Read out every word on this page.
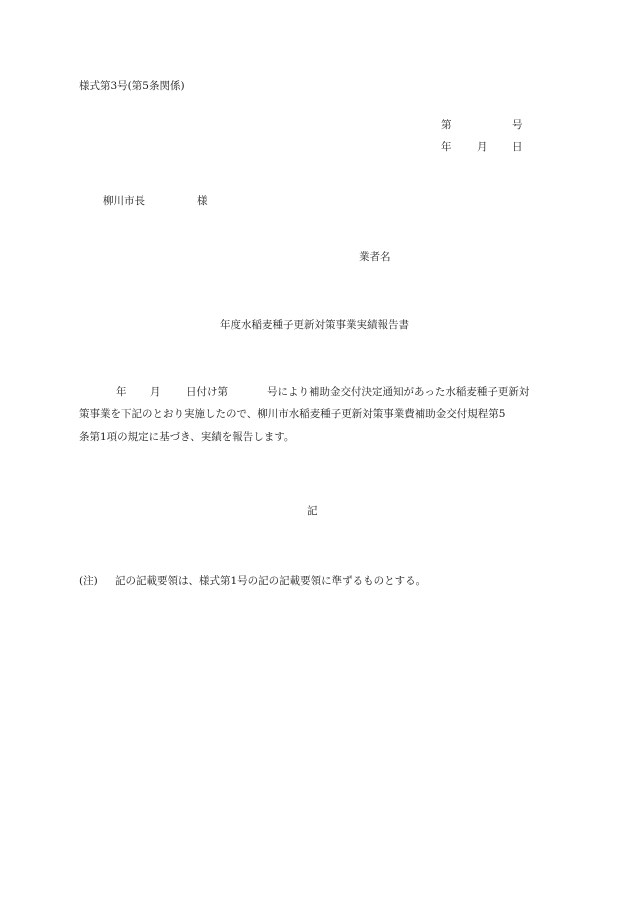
様式第3号(第5条関係)
第	号
年 月 日
柳川市長	様
業者名
年度水稲麦種子更新対策事業実績報告書
年 月 日付け第	号により補助金交付決定通知があった水稲麦種子更新対
策事業を下記のとおり実施したので、柳川市水稲麦種子更新対策事業費補助金交付規程第5
条第1項の規定に基づき、実績を報告します。
記
(注) 記の記載要領は、様式第1号の記の記載要領に準ずるものとする。
